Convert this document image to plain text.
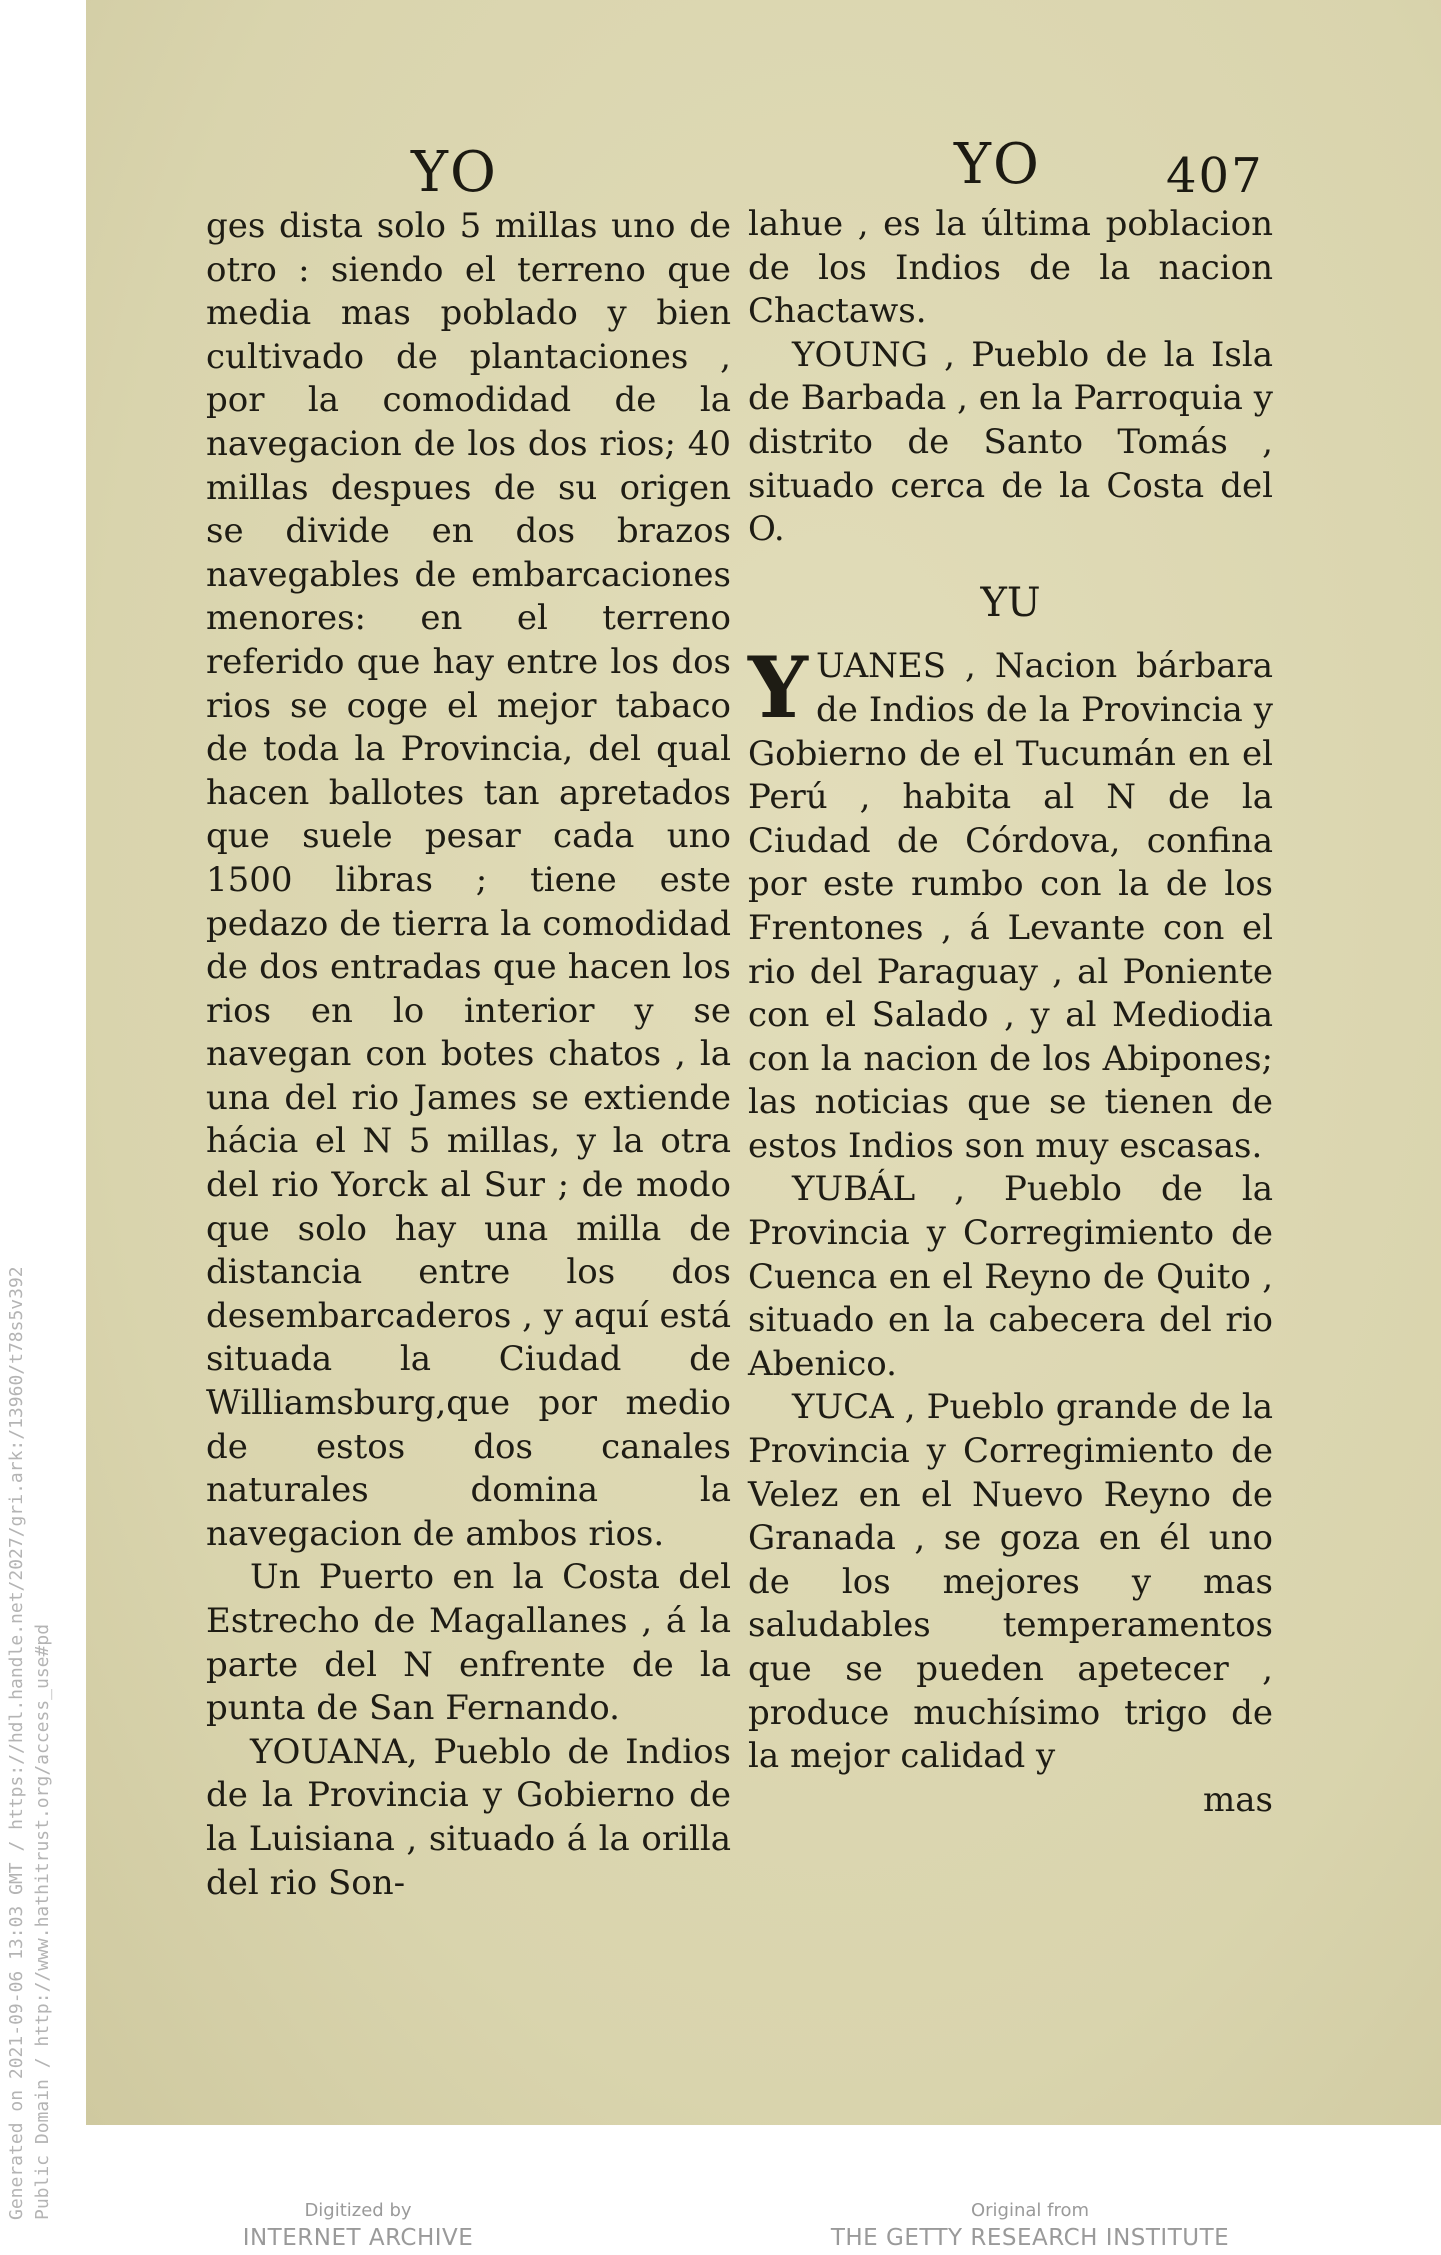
Generated on 2021-09-06 13:03 GMT / https://hdl.handle.net/2027/gri.ark:/13960/t78s5v392 Public Domain / http://www.hathitrust.org/access_use#pd
YO	YO	407

ges dista solo 5 millas uno de otro : siendo el terreno que media mas poblado y bien cultivado de plantaciones , por la comodidad de la navegacion de los dos rios; 40 millas despues de su origen se divide en dos brazos navegables de embarcaciones menores: en el terreno referido que hay entre los dos rios se coge el mejor tabaco de toda la Provincia, del qual hacen ballotes tan apretados que suele pesar cada uno 1500 libras ; tiene este pedazo de tierra la comodidad de dos entradas que hacen los rios en lo interior y se navegan con botes chatos , la una del rio James se extiende hácia el N 5 millas, y la otra del rio Yorck al Sur ; de modo que solo hay una milla de distancia entre los dos desembarcaderos , y aquí está situada la Ciudad de Williamsburg,que por medio de estos dos canales naturales domina la navegacion de ambos rios.

Un Puerto en la Costa del Estrecho de Magallanes , á la parte del N enfrente de la punta de San Fernando.

YOUANA, Pueblo de Indios de la Provincia y Gobierno de la Luisiana , situado á la orilla del rio Son-

lahue , es la última poblacion de los Indios de la nacion Chactaws.

YOUNG , Pueblo de la Isla de Barbada , en la Parroquia y distrito de Santo Tomás , situado cerca de la Costa del O.

YU

YUANES , Nacion bárbara de Indios de la Provincia y Gobierno de el Tucumán en el Perú , habita al N de la Ciudad de Córdova, confina por este rumbo con la de los Frentones , á Levante con el rio del Paraguay , al Poniente con el Salado , y al Mediodia con la nacion de los Abipones; las noticias que se tienen de estos Indios son muy escasas.

YUBÁL , Pueblo de la Provincia y Corregimiento de Cuenca en el Reyno de Quito , situado en la cabecera del rio Abenico.

YUCA , Pueblo grande de la Provincia y Corregimiento de Velez en el Nuevo Reyno de Granada , se goza en él uno de los mejores y mas saludables temperamentos que se pueden apetecer , produce muchísimo trigo de la mejor calidad y

mas

Digitized by
INTERNET ARCHIVE
Original from
THE GETTY RESEARCH INSTITUTE
